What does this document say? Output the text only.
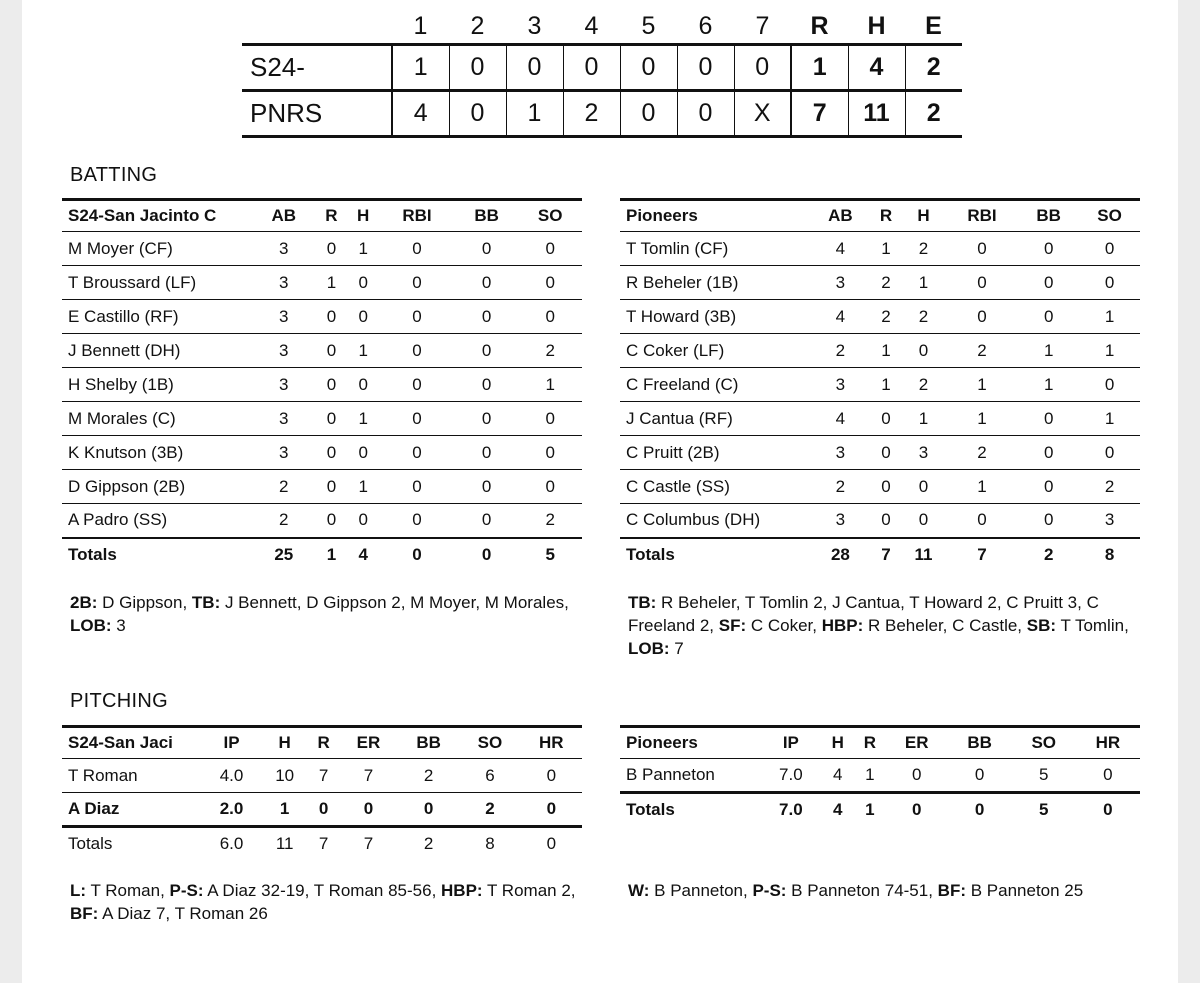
	1	2	3	4	5	6	7	R	H	E
S24-	1	0	0	0	0	0	0	1	4	2
PNRS	4	0	1	2	0	0	X	7	11	2
BATTING
S24-San Jacinto C	AB	R	H	RBI	BB	SO
M Moyer (CF)	3	0	1	0	0	0
T Broussard (LF)	3	1	0	0	0	0
E Castillo (RF)	3	0	0	0	0	0
J Bennett (DH)	3	0	1	0	0	2
H Shelby (1B)	3	0	0	0	0	1
M Morales (C)	3	0	1	0	0	0
K Knutson (3B)	3	0	0	0	0	0
D Gippson (2B)	2	0	1	0	0	0
A Padro (SS)	2	0	0	0	0	2
Totals	25	1	4	0	0	5
Pioneers	AB	R	H	RBI	BB	SO
T Tomlin (CF)	4	1	2	0	0	0
R Beheler (1B)	3	2	1	0	0	0
T Howard (3B)	4	2	2	0	0	1
C Coker (LF)	2	1	0	2	1	1
C Freeland (C)	3	1	2	1	1	0
J Cantua (RF)	4	0	1	1	0	1
C Pruitt (2B)	3	0	3	2	0	0
C Castle (SS)	2	0	0	1	0	2
C Columbus (DH)	3	0	0	0	0	3
Totals	28	7	11	7	2	8
2B: D Gippson, TB: J Bennett, D Gippson 2, M Moyer, M Morales, LOB: 3
TB: R Beheler, T Tomlin 2, J Cantua, T Howard 2, C Pruitt 3, C Freeland 2, SF: C Coker, HBP: R Beheler, C Castle, SB: T Tomlin, LOB: 7
PITCHING
S24-San Jaci	IP	H	R	ER	BB	SO	HR
T Roman	4.0	10	7	7	2	6	0
A Diaz	2.0	1	0	0	0	2	0
Totals	6.0	11	7	7	2	8	0
Pioneers	IP	H	R	ER	BB	SO	HR
B Panneton	7.0	4	1	0	0	5	0
Totals	7.0	4	1	0	0	5	0
L: T Roman, P-S: A Diaz 32-19, T Roman 85-56, HBP: T Roman 2, BF: A Diaz 7, T Roman 26
W: B Panneton, P-S: B Panneton 74-51, BF: B Panneton 25
